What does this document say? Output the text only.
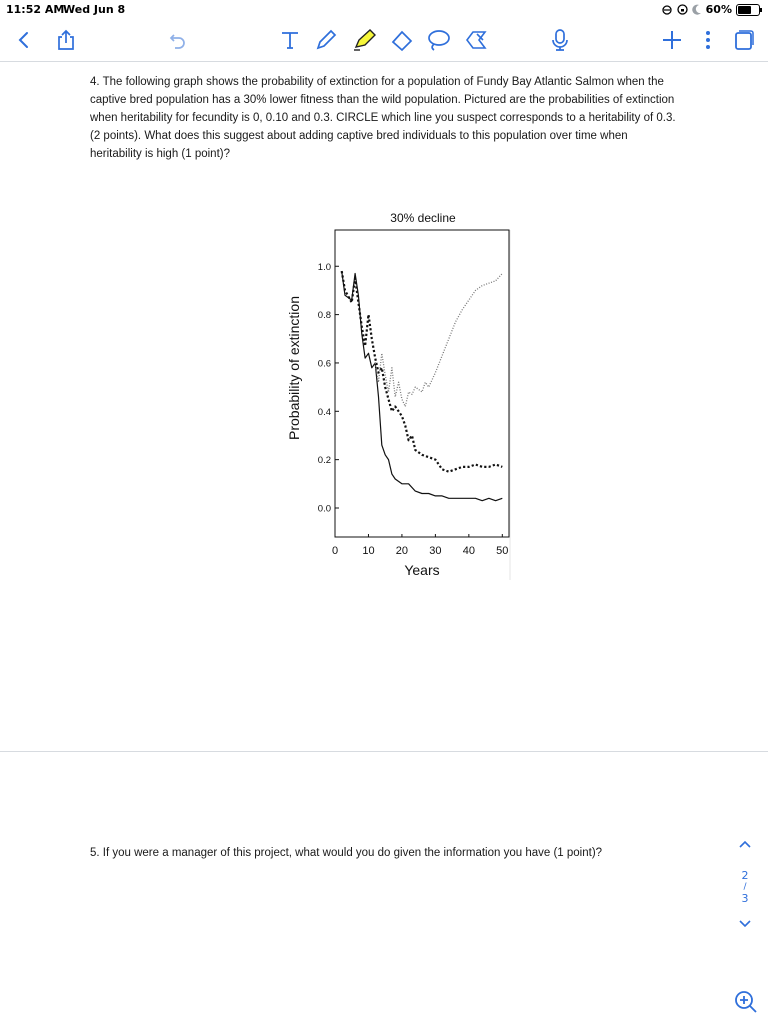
11:52 AM
Wed Jun 8	60%
4. The following graph shows the probability of extinction for a population of Fundy Bay Atlantic Salmon when the captive bred population has a 30% lower fitness than the wild population. Pictured are the probabilities of extinction when heritability for fecundity is 0, 0.10 and 0.3. CIRCLE which line you suspect corresponds to a heritability of 0.3. (2 points). What does this suggest about adding captive bred individuals to this population over time when heritability is high (1 point)?
30% decline
0.0
0.2
0.4
0.6
0.8
1.0
0 10 20 30 40 50
Probability of extinction
Years
5. If you were a manager of this project, what would you do given the information you have (1 point)?
2
/
3
